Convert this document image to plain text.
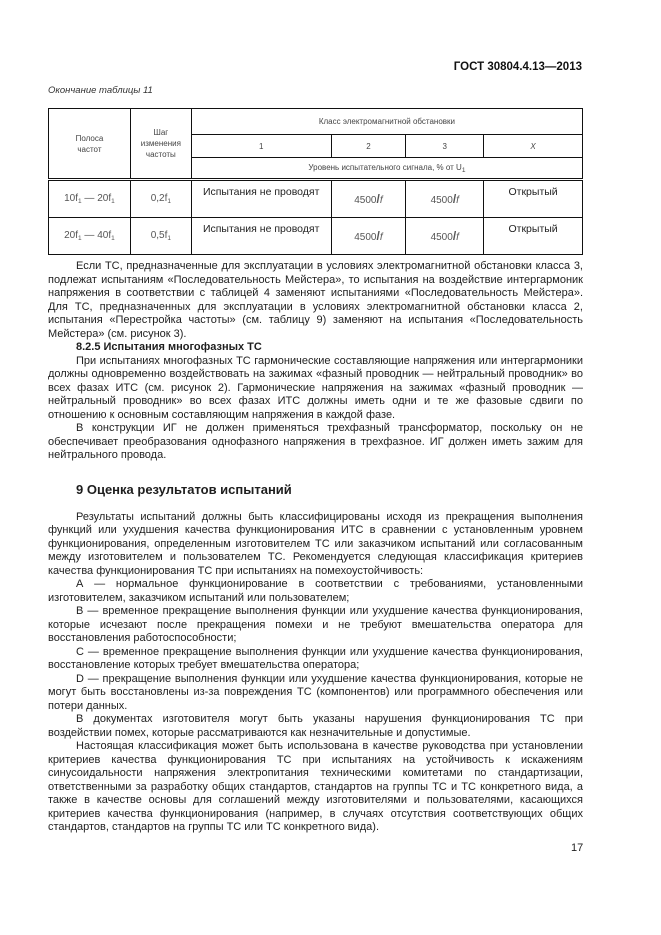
ГОСТ 30804.4.13—2013
Окончание таблицы 11
Полоса частот	Шаг изменения частоты	Класс электромагнитной обстановки			
		1	2	3	X
		Уровень испытательного сигнала, % от $U_1$
$10f_1$ — $20f_1$	$0,2f_1$	Испытания не проводят	4500/f	4500/f	Открытый
$20f_1$ — $40f_1$	$0,5f_1$	Испытания не проводят	4500/f	4500/f	Открытый

Если ТС, предназначенные для эксплуатации в условиях электромагнитной обстановки класса 3, подлежат испытаниям «Последовательность Мейстера», то испытания на воздействие интергармоник напряжения в соответствии с таблицей 4 заменяют испытаниями «Последовательность Мейстера». Для ТС, предназначенных для эксплуатации в условиях электромагнитной обстановки класса 2, испытания «Перестройка частоты» (см. таблицу 9) заменяют на испытания «Последовательность Мейстера» (см. рисунок 3).

8.2.5 Испытания многофазных ТС

При испытаниях многофазных ТС гармонические составляющие напряжения или интергармоники должны одновременно воздействовать на зажимах «фазный проводник — нейтральный проводник» во всех фазах ИТС (см. рисунок 2). Гармонические напряжения на зажимах «фазный проводник — нейтральный проводник» во всех фазах ИТС должны иметь одни и те же фазовые сдвиги по отношению к основным составляющим напряжения в каждой фазе.

В конструкции ИГ не должен применяться трехфазный трансформатор, поскольку он не обеспечивает преобразования однофазного напряжения в трехфазное. ИГ должен иметь зажим для нейтрального провода.

9 Оценка результатов испытаний

Результаты испытаний должны быть классифицированы исходя из прекращения выполнения функций или ухудшения качества функционирования ИТС в сравнении с установленным уровнем функционирования, определенным изготовителем ТС или заказчиком испытаний или согласованным между изготовителем и пользователем ТС. Рекомендуется следующая классификация критериев качества функционирования ТС при испытаниях на помехоустойчивость:

А — нормальное функционирование в соответствии с требованиями, установленными изготовителем, заказчиком испытаний или пользователем;

В — временное прекращение выполнения функции или ухудшение качества функционирования, которые исчезают после прекращения помехи и не требуют вмешательства оператора для восстановления работоспособности;

С — временное прекращение выполнения функции или ухудшение качества функционирования, восстановление которых требует вмешательства оператора;

D — прекращение выполнения функции или ухудшение качества функционирования, которые не могут быть восстановлены из-за повреждения ТС (компонентов) или программного обеспечения или потери данных.

В документах изготовителя могут быть указаны нарушения функционирования ТС при воздействии помех, которые рассматриваются как незначительные и допустимые.

Настоящая классификация может быть использована в качестве руководства при установлении критериев качества функционирования ТС при испытаниях на устойчивость к искажениям синусоидальности напряжения электропитания техническими комитетами по стандартизации, ответственными за разработку общих стандартов, стандартов на группы ТС и ТС конкретного вида, а также в качестве основы для соглашений между изготовителями и пользователями, касающихся критериев качества функционирования (например, в случаях отсутствия соответствующих общих стандартов, стандартов на группы ТС или ТС конкретного вида).

17
